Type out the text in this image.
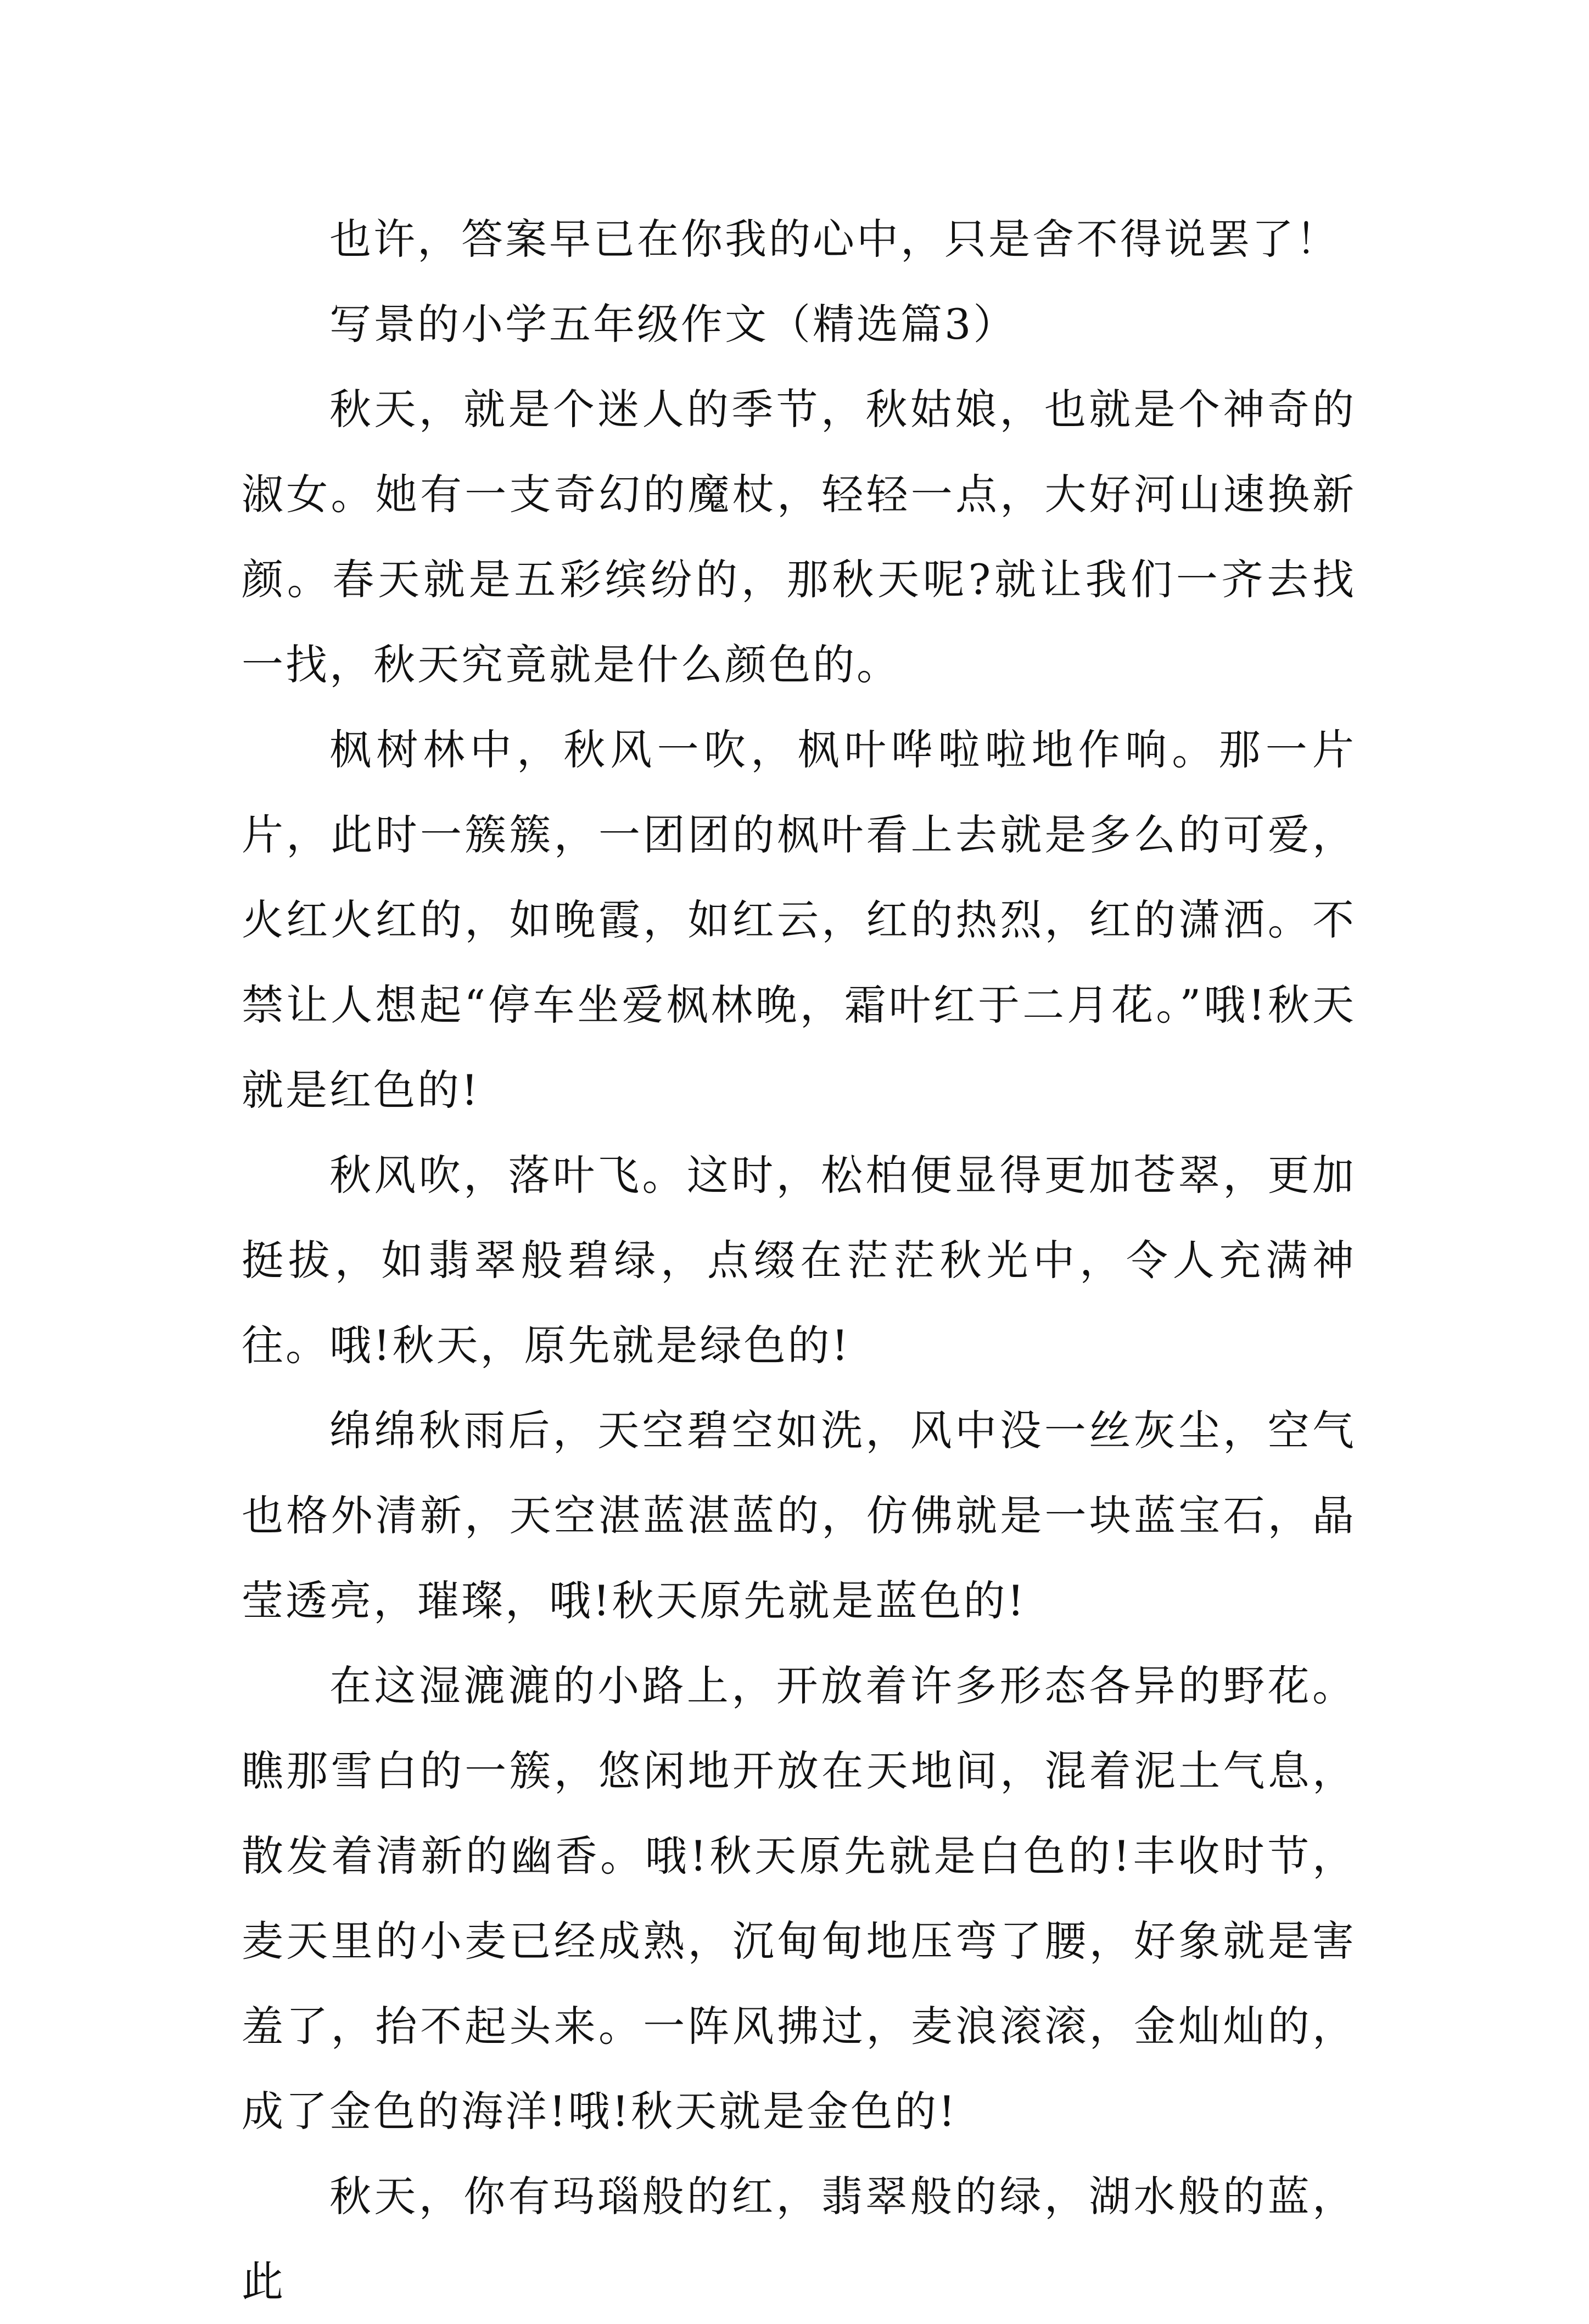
也许，答案早已在你我的心中，只是舍不得说罢了！

写景的小学五年级作文（精选篇3）

秋天，就是个迷人的季节，秋姑娘，也就是个神奇的淑女。她有一支奇幻的魔杖，轻轻一点，大好河山速换新颜。春天就是五彩缤纷的，那秋天呢?就让我们一齐去找一找，秋天究竟就是什么颜色的。

枫树林中，秋风一吹，枫叶哗啦啦地作响。那一片片，此时一簇簇，一团团的枫叶看上去就是多么的可爱，火红火红的，如晚霞，如红云，红的热烈，红的潇洒。不禁让人想起“停车坐爱枫林晚，霜叶红于二月花。”哦!秋天就是红色的!

秋风吹，落叶飞。这时，松柏便显得更加苍翠，更加挺拔，如翡翠般碧绿，点缀在茫茫秋光中，令人充满神往。哦!秋天，原先就是绿色的!

绵绵秋雨后，天空碧空如洗，风中没一丝灰尘，空气也格外清新，天空湛蓝湛蓝的，仿佛就是一块蓝宝石，晶莹透亮，璀璨，哦!秋天原先就是蓝色的!

在这湿漉漉的小路上，开放着许多形态各异的野花。瞧那雪白的一簇，悠闲地开放在天地间，混着泥土气息，散发着清新的幽香。哦!秋天原先就是白色的!丰收时节，麦天里的小麦已经成熟，沉甸甸地压弯了腰，好象就是害羞了，抬不起头来。一阵风拂过，麦浪滚滚，金灿灿的，成了金色的海洋!哦!秋天就是金色的!

秋天，你有玛瑙般的红，翡翠般的绿，湖水般的蓝，此
